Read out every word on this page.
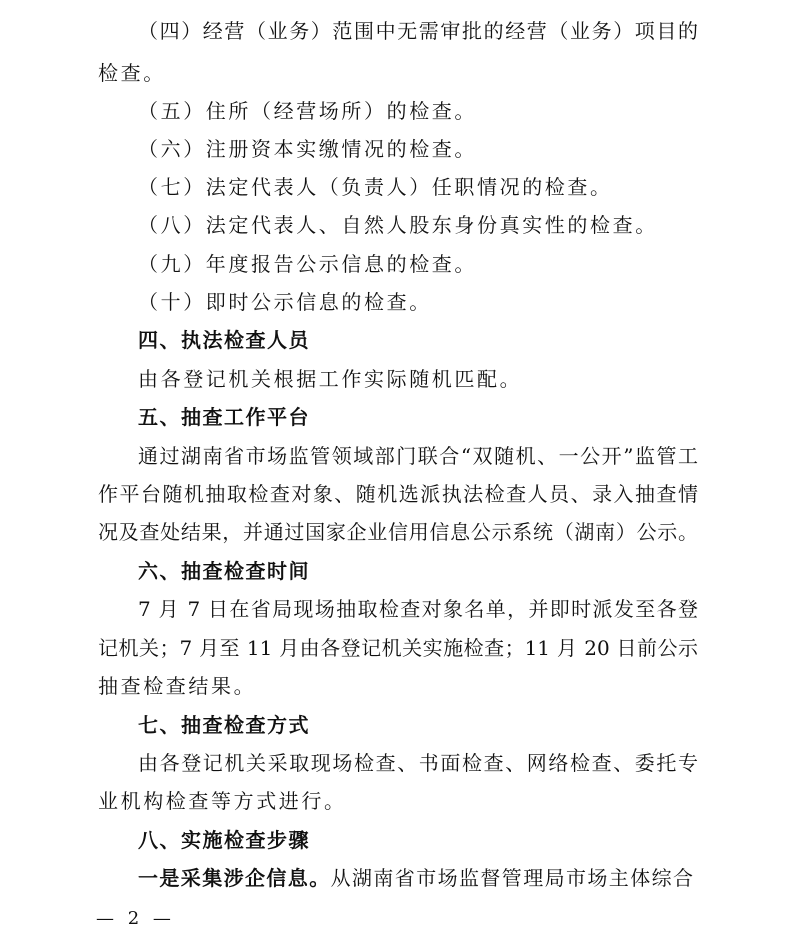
（四）经营（业务）范围中无需审批的经营（业务）项目的
检查。
（五）住所（经营场所）的检查。
（六）注册资本实缴情况的检查。
（七）法定代表人（负责人）任职情况的检查。
（八）法定代表人、自然人股东身份真实性的检查。
（九）年度报告公示信息的检查。
（十）即时公示信息的检查。
四、执法检查人员
由各登记机关根据工作实际随机匹配。
五、抽查工作平台
通过湖南省市场监管领域部门联合“双随机、一公开”监管工
作平台随机抽取检查对象、随机选派执法检查人员、录入抽查情
况及查处结果，并通过国家企业信用信息公示系统（湖南）公示。
六、抽查检查时间
7 月 7 日在省局现场抽取检查对象名单，并即时派发至各登
记机关；7 月至 11 月由各登记机关实施检查；11 月 20 日前公示
抽查检查结果。
七、抽查检查方式
由各登记机关采取现场检查、书面检查、网络检查、委托专
业机构检查等方式进行。
八、实施检查步骤
一是采集涉企信息。从湖南省市场监督管理局市场主体综合
— 2 —
